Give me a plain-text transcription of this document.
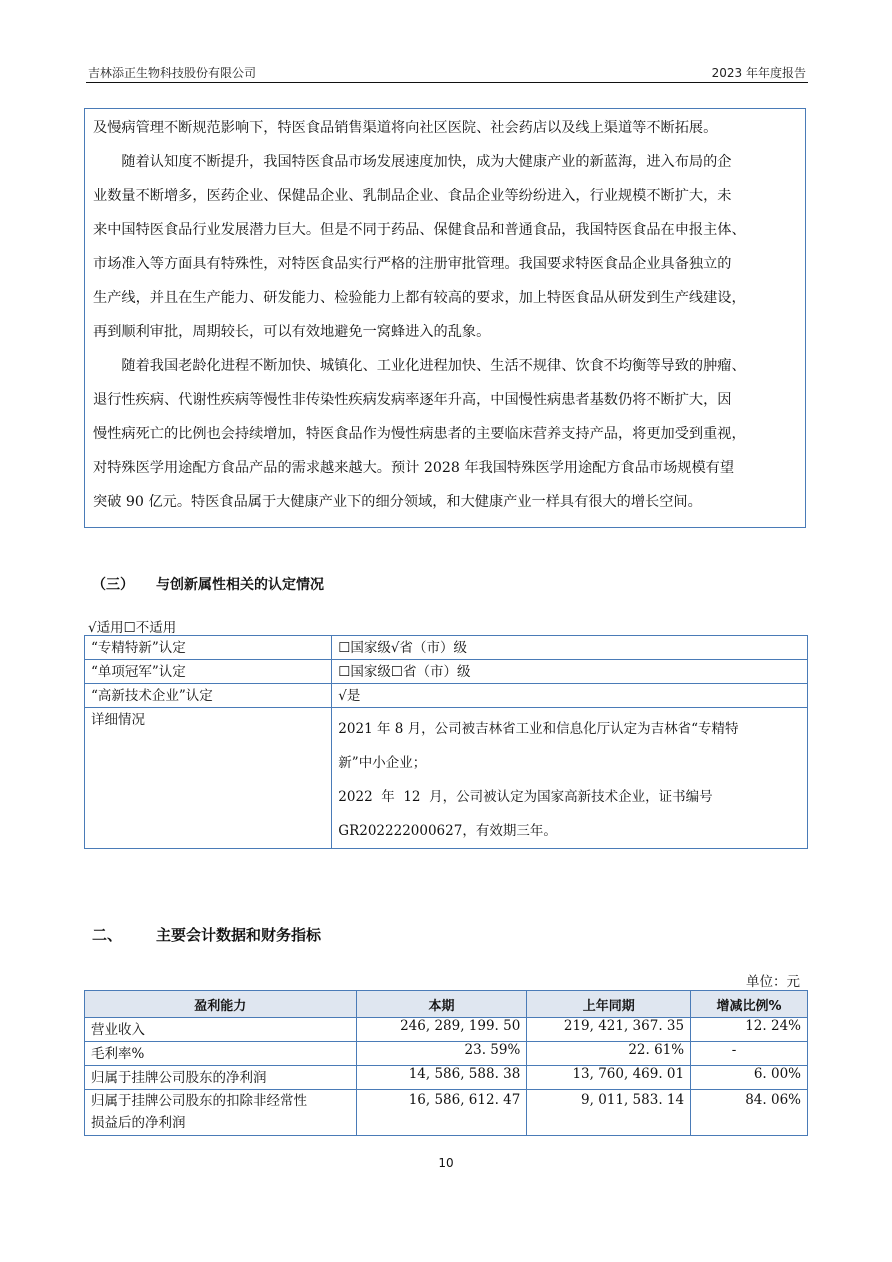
吉林添正生物科技股份有限公司	2023 年年度报告

及慢病管理不断规范影响下，特医食品销售渠道将向社区医院、社会药店以及线上渠道等不断拓展。

　　随着认知度不断提升，我国特医食品市场发展速度加快，成为大健康产业的新蓝海，进入布局的企

业数量不断增多，医药企业、保健品企业、乳制品企业、食品企业等纷纷进入，行业规模不断扩大，未

来中国特医食品行业发展潜力巨大。但是不同于药品、保健食品和普通食品，我国特医食品在申报主体、

市场准入等方面具有特殊性，对特医食品实行严格的注册审批管理。我国要求特医食品企业具备独立的

生产线，并且在生产能力、研发能力、检验能力上都有较高的要求，加上特医食品从研发到生产线建设，

再到顺利审批，周期较长，可以有效地避免一窝蜂进入的乱象。

　　随着我国老龄化进程不断加快、城镇化、工业化进程加快、生活不规律、饮食不均衡等导致的肿瘤、

退行性疾病、代谢性疾病等慢性非传染性疾病发病率逐年升高，中国慢性病患者基数仍将不断扩大，因

慢性病死亡的比例也会持续增加，特医食品作为慢性病患者的主要临床营养支持产品，将更加受到重视，

对特殊医学用途配方食品产品的需求越来越大。预计 2028 年我国特殊医学用途配方食品市场规模有望

突破 90 亿元。特医食品属于大健康产业下的细分领域，和大健康产业一样具有很大的增长空间。

（三） 与创新属性相关的认定情况
√适用☐不适用
“专精特新”认定	☐国家级√省（市）级
“单项冠军”认定	☐国家级☐省（市）级
“高新技术企业”认定	√是
详细情况	2021 年 8 月，公司被吉林省工业和信息化厅认定为吉林省“专精特
新”中小企业；
2022  年  12  月，公司被认定为国家高新技术企业，证书编号
GR202222000627，有效期三年。
二、 主要会计数据和财务指标
单位：元
盈利能力	本期	上年同期	增减比例%
营业收入	246, 289, 199. 50	219, 421, 367. 35	12. 24%
毛利率%	23. 59%	22. 61%	-
归属于挂牌公司股东的净利润	14, 586, 588. 38	13, 760, 469. 01	6. 00%

归属于挂牌公司股东的扣除非经常性
损益后的净利润	16, 586, 612. 47	9, 011, 583. 14	84. 06%
10
